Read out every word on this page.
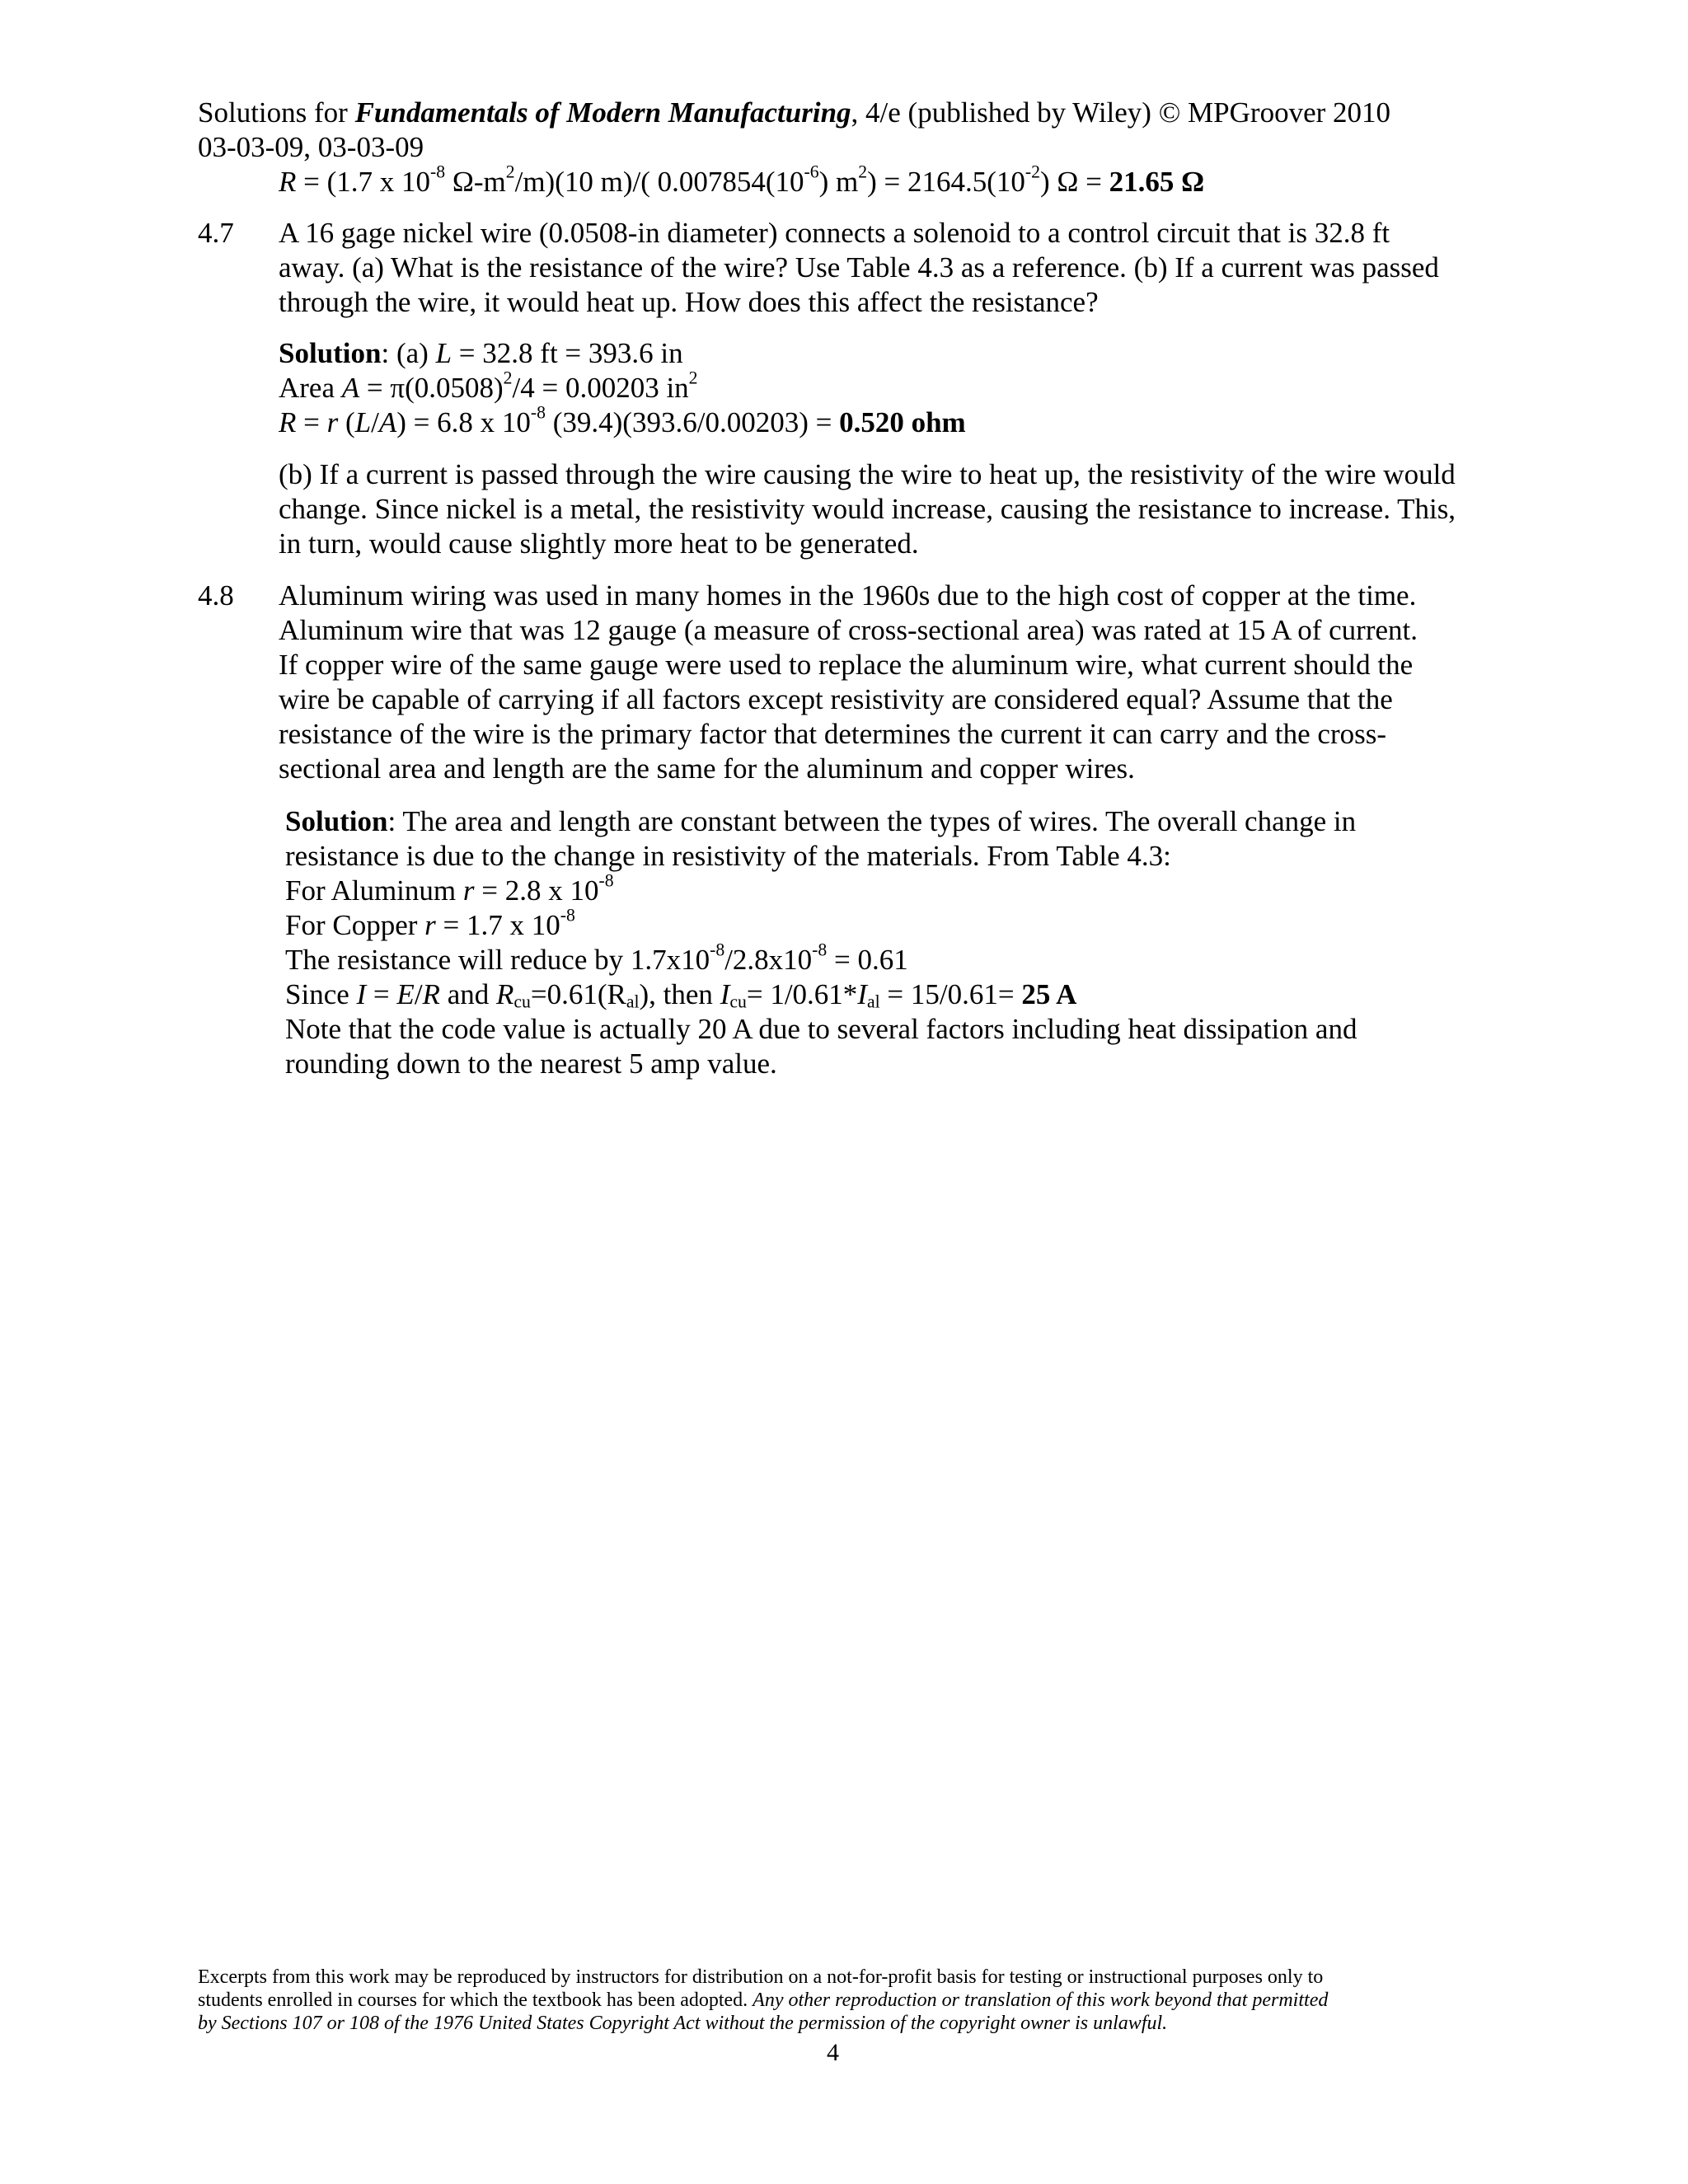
Solutions for Fundamentals of Modern Manufacturing, 4/e (published by Wiley) © MPGroover 2010
03-03-09, 03-03-09
R = (1.7 x $10^{-8}$ $\Omega-m^2/m)(10$ m)/( $0.007854(10^{-6}) m^2) = 2164.5(10^{-2})$ Ω = 21.65 Ω
4.7 A 16 gage nickel wire (0.0508-in diameter) connects a solenoid to a control circuit that is 32.8 ft
away. (a) What is the resistance of the wire? Use Table 4.3 as a reference. (b) If a current was passed
through the wire, it would heat up. How does this affect the resistance?
Solution: (a) L = 32.8 ft = 393.6 in
Area $A = \pi(0.0508)^2/4 = 0.00203$ $in^2$
R = r (L/A) = 6.8 x $10^{-8}$ (39.4)(393.6/0.00203) = 0.520 ohm
(b) If a current is passed through the wire causing the wire to heat up, the resistivity of the wire would
change. Since nickel is a metal, the resistivity would increase, causing the resistance to increase. This,
in turn, would cause slightly more heat to be generated.
4.8 Aluminum wiring was used in many homes in the 1960s due to the high cost of copper at the time.
Aluminum wire that was 12 gauge (a measure of cross-sectional area) was rated at 15 A of current.
If copper wire of the same gauge were used to replace the aluminum wire, what current should the
wire be capable of carrying if all factors except resistivity are considered equal? Assume that the
resistance of the wire is the primary factor that determines the current it can carry and the cross-
sectional area and length are the same for the aluminum and copper wires.
Solution: The area and length are constant between the types of wires. The overall change in
resistance is due to the change in resistivity of the materials. From Table 4.3:
For Aluminum r = 2.8 x $10^{-8}$
For Copper r = 1.7 x $10^{-8}$
The resistance will reduce by $1.7x10^{-8}/2.8x10^{-8} = 0.61$
Since I = E/R and $R_{cu}=0.61(R_{al})$, then $I_{cu}= 1/0.61*I_{al} = 15/0.61= 25$ A
Note that the code value is actually 20 A due to several factors including heat dissipation and
rounding down to the nearest 5 amp value.
Excerpts from this work may be reproduced by instructors for distribution on a not-for-profit basis for testing or instructional purposes only to
students enrolled in courses for which the textbook has been adopted. Any other reproduction or translation of this work beyond that permitted
by Sections 107 or 108 of the 1976 United States Copyright Act without the permission of the copyright owner is unlawful.
4
